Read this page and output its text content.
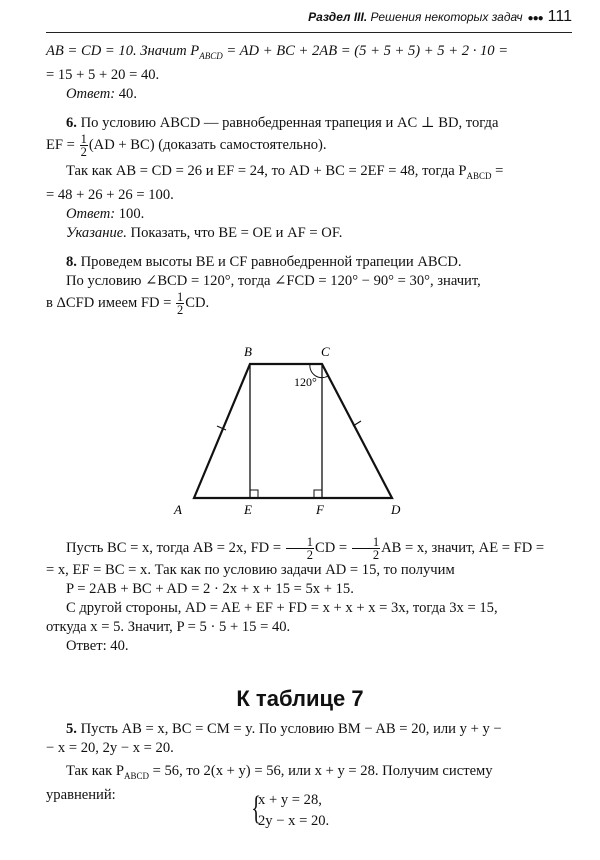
Раздел III. Решения некоторых задач ●●● 111

AB = CD = 10. Значит $P_{ABCD}$ = AD + BC + 2AB = (5 + 5 + 5) + 5 + 2 · 10 =

= 15 + 5 + 20 = 40.

Ответ: 40.

6. По условию ABCD — равнобедренная трапеция и AC ⊥ BD, тогда

EF = $\frac{1}{2} (AD + BC)$ (доказать самостоятельно).

Так как AB = CD = 26 и EF = 24, то AD + BC = 2EF = 48, тогда $P_{ABCD}$ =

= 48 + 26 + 26 = 100.

Ответ: 100.

Указание. Показать, что BE = OE и AF = OF.

8. Проведем высоты BE и CF равнобедренной трапеции ABCD.

По условию ∠BCD = 120°, тогда ∠FCD = 120° − 90° = 30°, значит,

в ΔCFD имеем FD = $\frac{1}{2}$ CD.

120°
B	C
A	E	F	D

Пусть BC = x, тогда AB = 2x, FD = $\frac{1}{2}$ CD = $\frac{1}{2}$ AB = x, значит, AE = FD =

= x, EF = BC = x. Так как по условию задачи AD = 15, то получим

P = 2AB + BC + AD = 2 · 2x + x + 15 = 5x + 15.

С другой стороны, AD = AE + EF + FD = x + x + x = 3x, тогда 3x = 15,

откуда x = 5. Значит, P = 5 · 5 + 15 = 40.

Ответ: 40.

К таблице 7

5. Пусть AB = x, BC = CM = y. По условию BM − AB = 20, или y + y −

− x = 20, 2y − x = 20.

Так как $P_{ABCD} = 56$, то 2(x + y) = 56, или x + y = 28. Получим систему

уравнений:	{
x + y = 28,
2y − x = 20.
